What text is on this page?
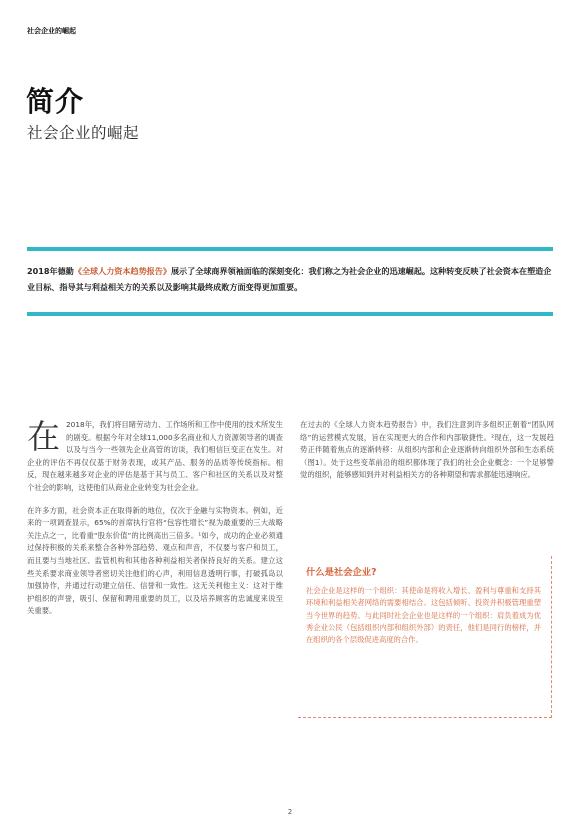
社会企业的崛起
简介
社会企业的崛起

2018年德勤《全球人力资本趋势报告》展示了全球商界领袖面临的深刻变化：我们称之为社会企业的迅速崛起。这种转变反映了社会资本在塑造企业目标、指导其与利益相关方的关系以及影响其最终成败方面变得更加重要。

在 2018年，我们将目睹劳动力、工作场所和工作中使用的技术所发生的剧变。根据今年对全球11,000多名商业和人力资源领导者的调查以及与当今一些领先企业高管的访谈，我们相信巨变正在发生。对企业的评估不再仅仅基于财务表现，或其产品、服务的品质等传统指标。相反，现在越来越多对企业的评估是基于其与员工、客户和社区的关系以及对整个社会的影响，这使他们从商业企业转变为社会企业。

在许多方面，社会资本正在取得新的地位，仅次于金融与实物资本。例如，近来的一项调查显示，65%的首席执行官将“包容性增长”视为最重要的三大战略关注点之一，比看重“股东价值”的比例高出三倍多。¹如今，成功的企业必须通过保持积极的关系来整合各种外部趋势、观点和声音，不仅要与客户和员工，而且要与当地社区、监管机构和其他各种利益相关者保持良好的关系。建立这些关系要求商业领导者密切关注他们的心声，利用信息透明行事，打破孤岛以加强协作，并通过行动建立信任、信誉和一致性。这无关利他主义：这对于维护组织的声誉，吸引、保留和聘用重要的员工，以及培养顾客的忠诚度来说至关重要。

在过去的《全球人力资本趋势报告》中，我们注意到许多组织正朝着“团队网络”的运营模式发展，旨在实现更大的合作和内部敏捷性。²现在，这一发展趋势正伴随着焦点的逐渐转移：从组织内部和企业逐渐转向组织外部和生态系统（图1）。处于这些变革前沿的组织都体现了我们的社会企业概念：一个足够警觉的组织，能够感知到并对利益相关方的各种期望和需求都能迅速响应。

什么是社会企业?

社会企业是这样的一个组织：其使命是将收入增长、盈利与尊重和支持其环境和利益相关者网络的需要相结合。这包括倾听、投资并积极管理重塑当今世界的趋势。与此同时社会企业也是这样的一个组织：肩负着成为优秀企业公民（包括组织内部和组织外部）的责任，他们是同行的榜样，并在组织的各个层级促进高度的合作。

2
